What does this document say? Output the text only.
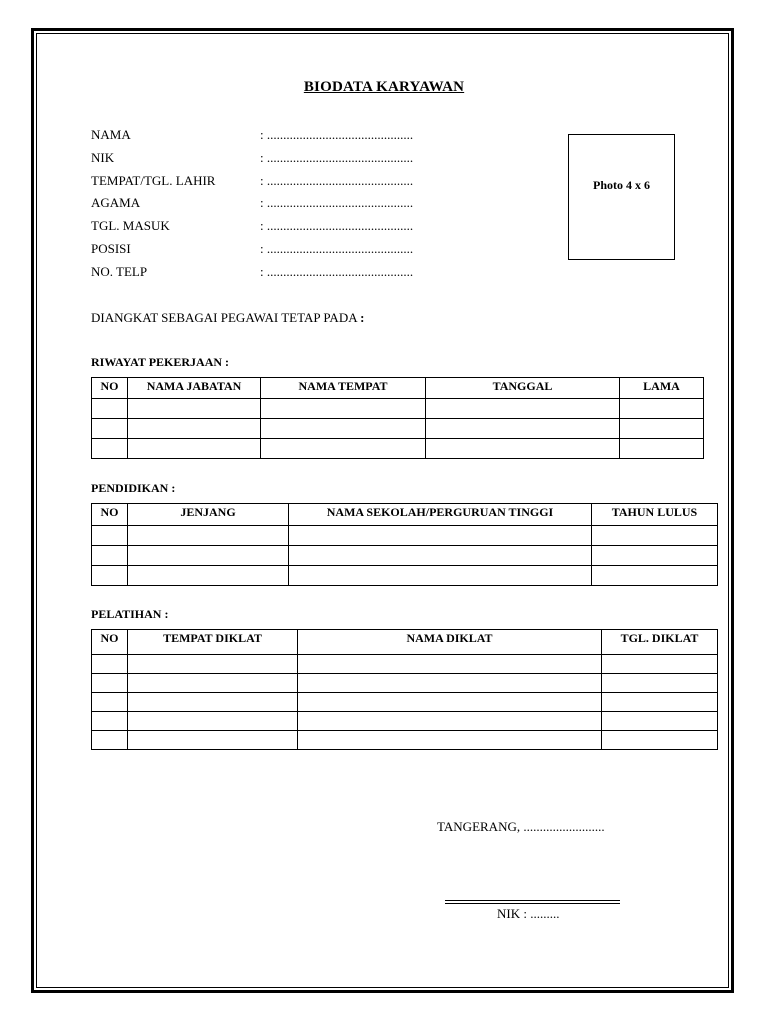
BIODATA KARYAWAN
NAMA	: .............................................
NIK	: .............................................
TEMPAT/TGL. LAHIR	: .............................................
AGAMA	: .............................................
TGL. MASUK	: .............................................
POSISI	: .............................................
NO. TELP	: .............................................
Photo 4 x 6
DIANGKAT SEBAGAI PEGAWAI TETAP PADA :
RIWAYAT PEKERJAAN :
NO	NAMA JABATAN	NAMA TEMPAT	TANGGAL	LAMA

PENDIDIKAN :
NO	JENJANG	NAMA SEKOLAH/PERGURUAN TINGGI	TAHUN LULUS

PELATIHAN :
NO	TEMPAT DIKLAT	NAMA DIKLAT	TGL. DIKLAT

TANGERANG, .........................
NIK : .........
